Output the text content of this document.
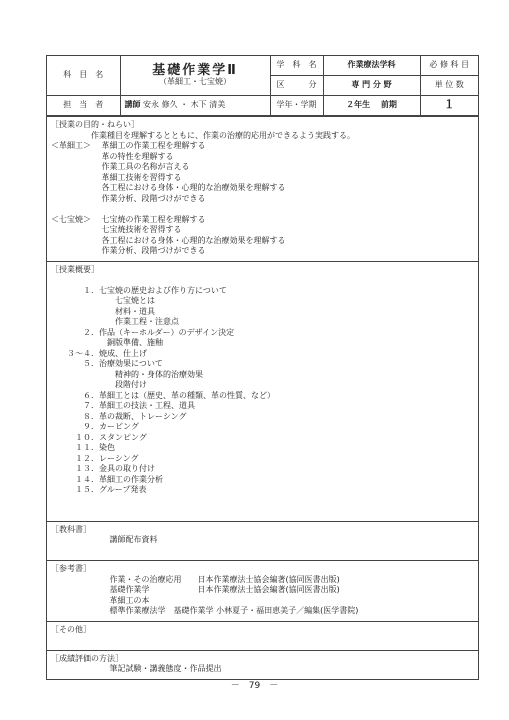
科　目　名	基礎作業学Ⅱ
（革細工・七宝焼）	学　科　名	作業療法学科	必 修 科 目
		区　　　分	専 門 分 野	単 位 数
担　当　者	講師 安永 修久 ・ 木下 清美	学年・学期	２年生　 前期	１
［授業の目的・ねらい］
　　　　　作業種目を理解するとともに、作業の治療的応用ができるよう実践する。
＜革細工＞　 革細工の作業工程を理解する
　　　　　　 革の特性を理解する
　　　　　　 作業工具の名称が言える
　　　　　　 革細工技術を習得する
　　　　　　 各工程における身体・心理的な治療効果を理解する
　　　　　　 作業分析、段階づけができる

＜七宝焼＞　 七宝焼の作業工程を理解する
　　　　　　 七宝焼技術を習得する
　　　　　　 各工程における身体・心理的な治療効果を理解する
　　　　　　 作業分析、段階づけができる
［授業概要］

　　　　１．七宝焼の歴史および作り方について
　　　　　　　　七宝焼とは
　　　　　　　　材料・道具
　　　　　　　　作業工程・注意点
　　　　２．作品（キーホルダー）のデザイン決定
　　　　　　　銅版準備、施釉
　　３～４．焼成、仕上げ
　　　　５．治療効果について
　　　　　　　　精神的・身体的治療効果
　　　　　　　　段階付け
　　　　６．革細工とは（歴史、革の種類、革の性質、など）
　　　　７．革細工の技法・工程、道具
　　　　８．革の裁断、トレーシング
　　　　９．カービング
　　　１０．スタンピング
　　　１１．染色
　　　１２．レーシング
　　　１３．金具の取り付け
　　　１４．革細工の作業分析
　　　１５．グループ発表

［教科書］
　　　　　　　 講師配布資料

［参考書］
　　　　　　　 作業・その治療応用　　日本作業療法士協会編著(協同医書出版)
　　　　　　　 基礎作業学　　　　　　日本作業療法士協会編著(協同医書出版)
　　　　　　　 革細工の本
　　　　　　　 標準作業療法学　基礎作業学 小林夏子・福田恵美子／編集(医学書院)
［その他］

［成績評価の方法］
　　　　　　　 筆記試験・講義態度・作品提出
－　79　－
